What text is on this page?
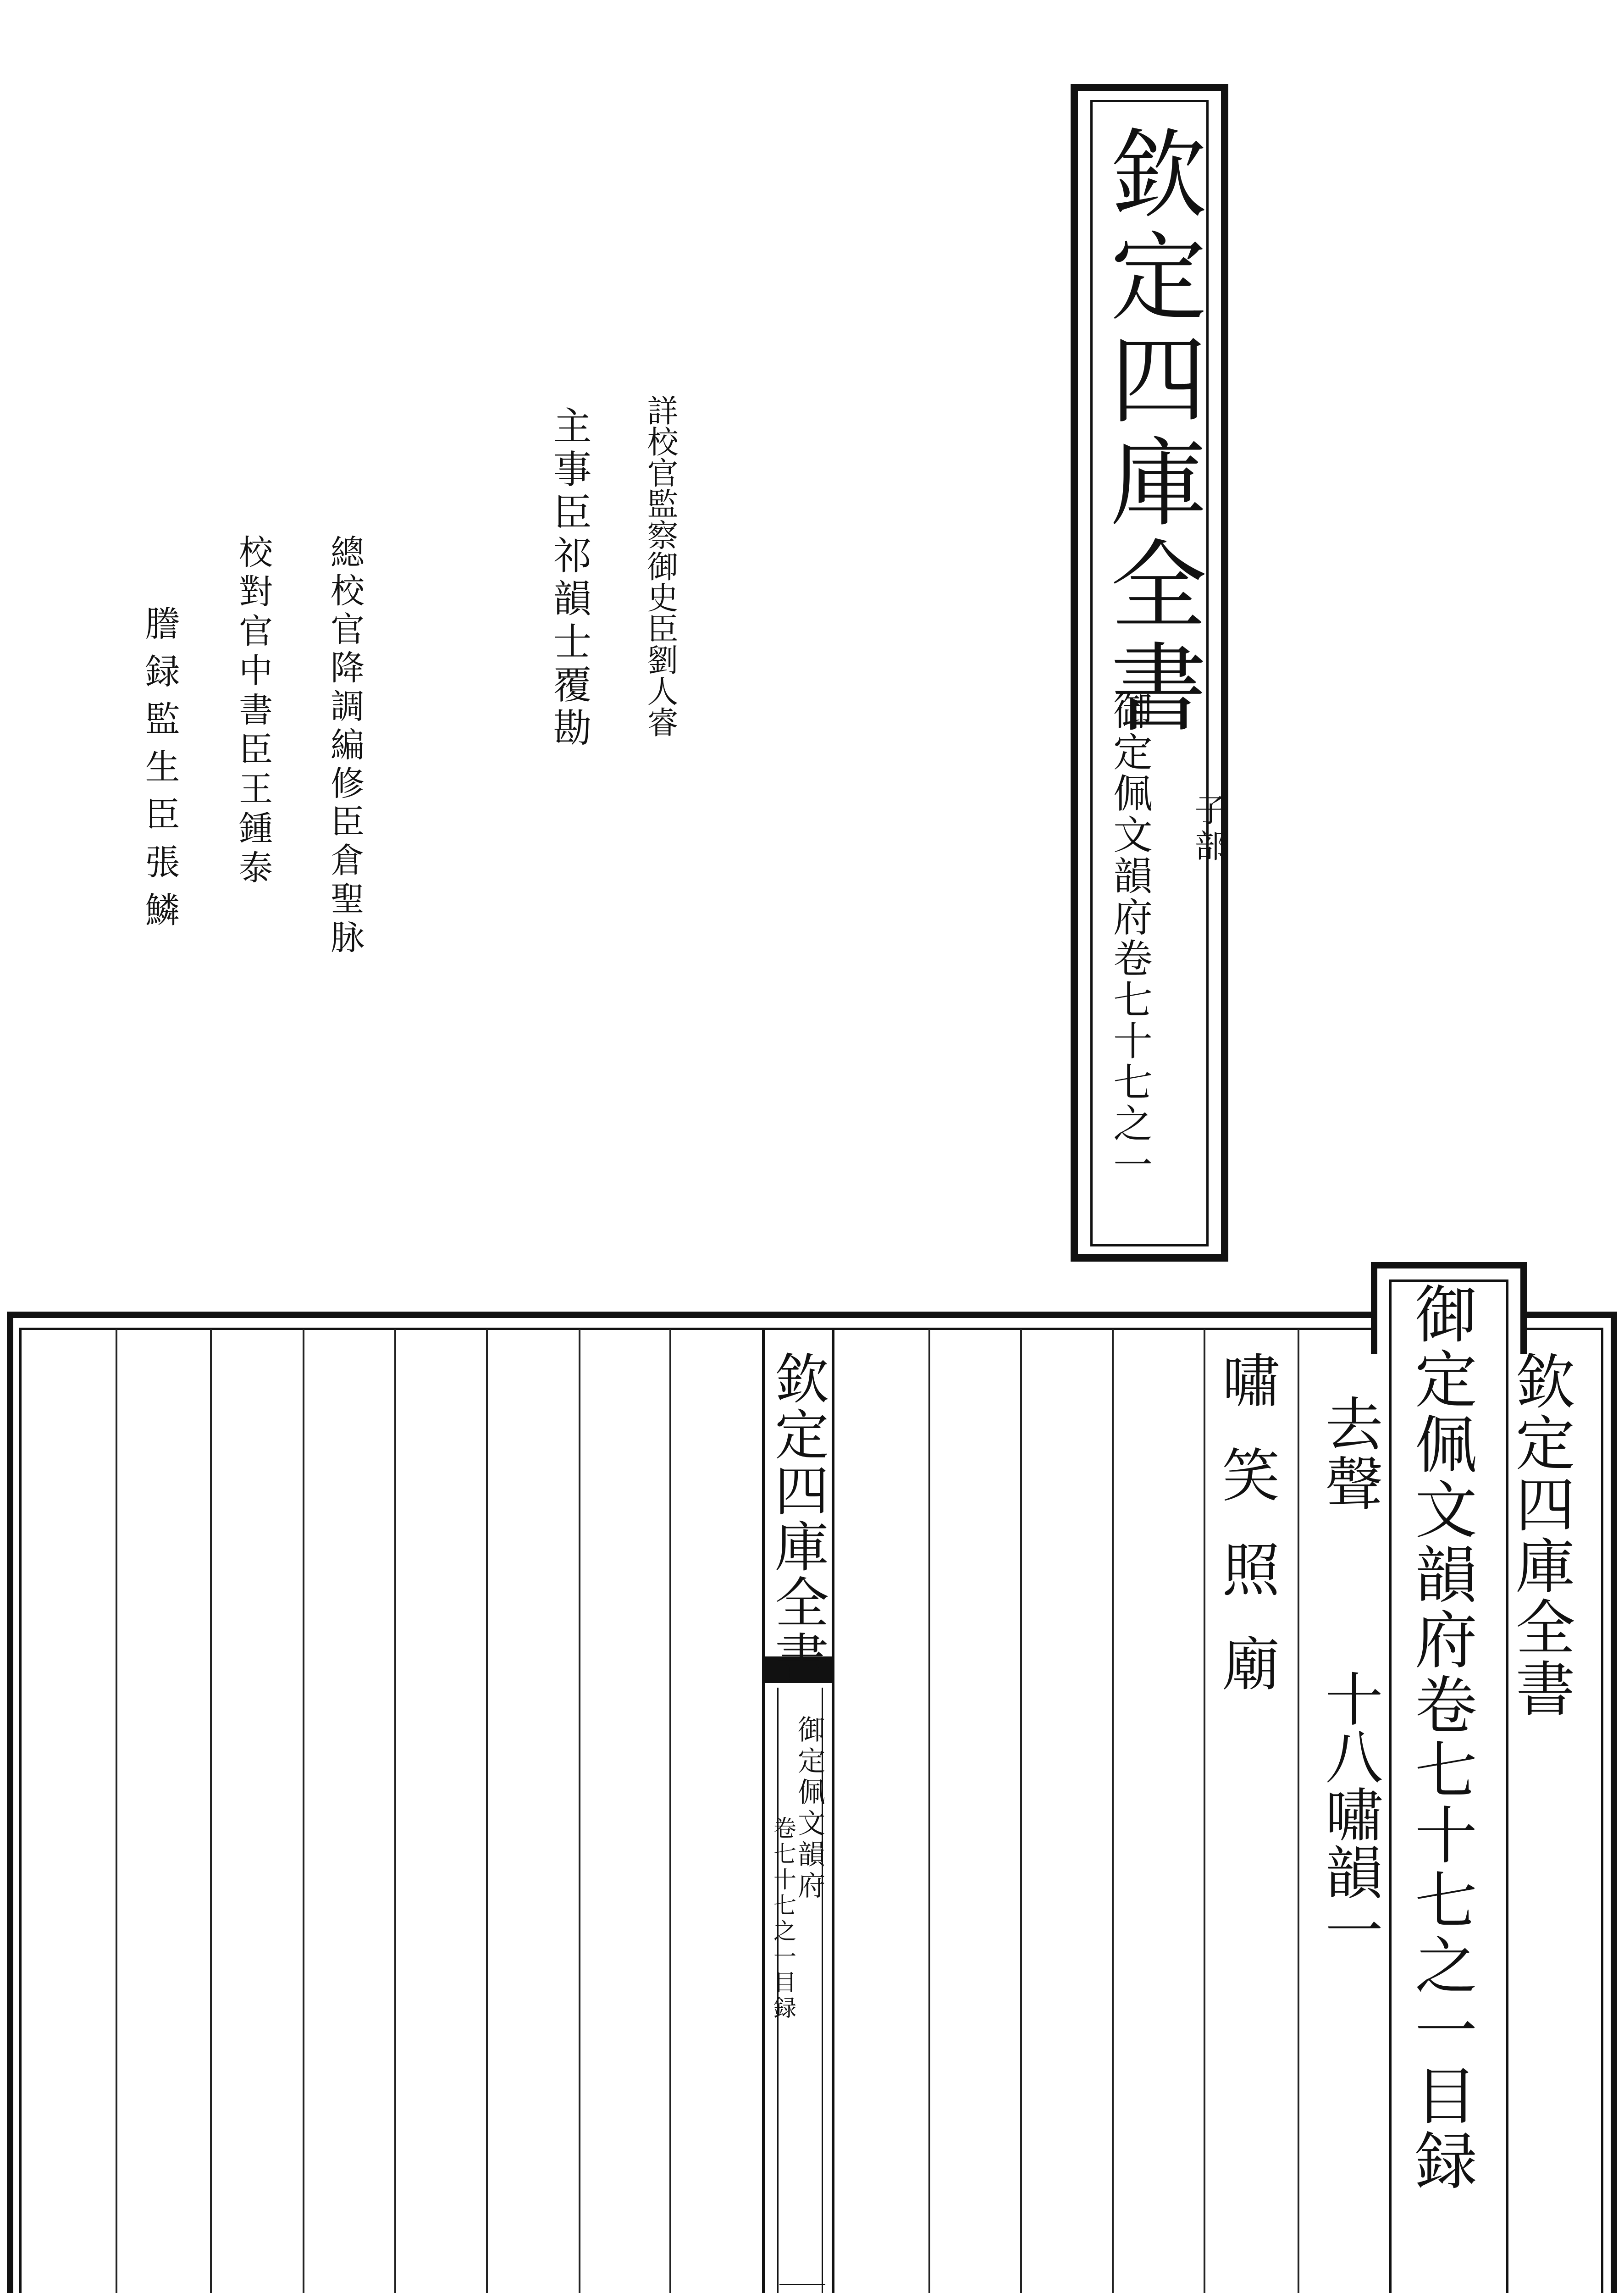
欽定四庫全書
御定佩文韻府卷七十七之一 子部
詳校官監察御史臣劉人睿
主事臣祁韻士覆勘
總校官降調編修臣倉聖脉
校對官中書臣王鍾泰
謄録監生臣張鱗
欽定四庫全書
御定佩文韻府
卷七十七之一目録
欽定四庫全書
御定佩文韻府卷七十七之一目録
去聲
十八嘯韻一
嘯笑照廟
